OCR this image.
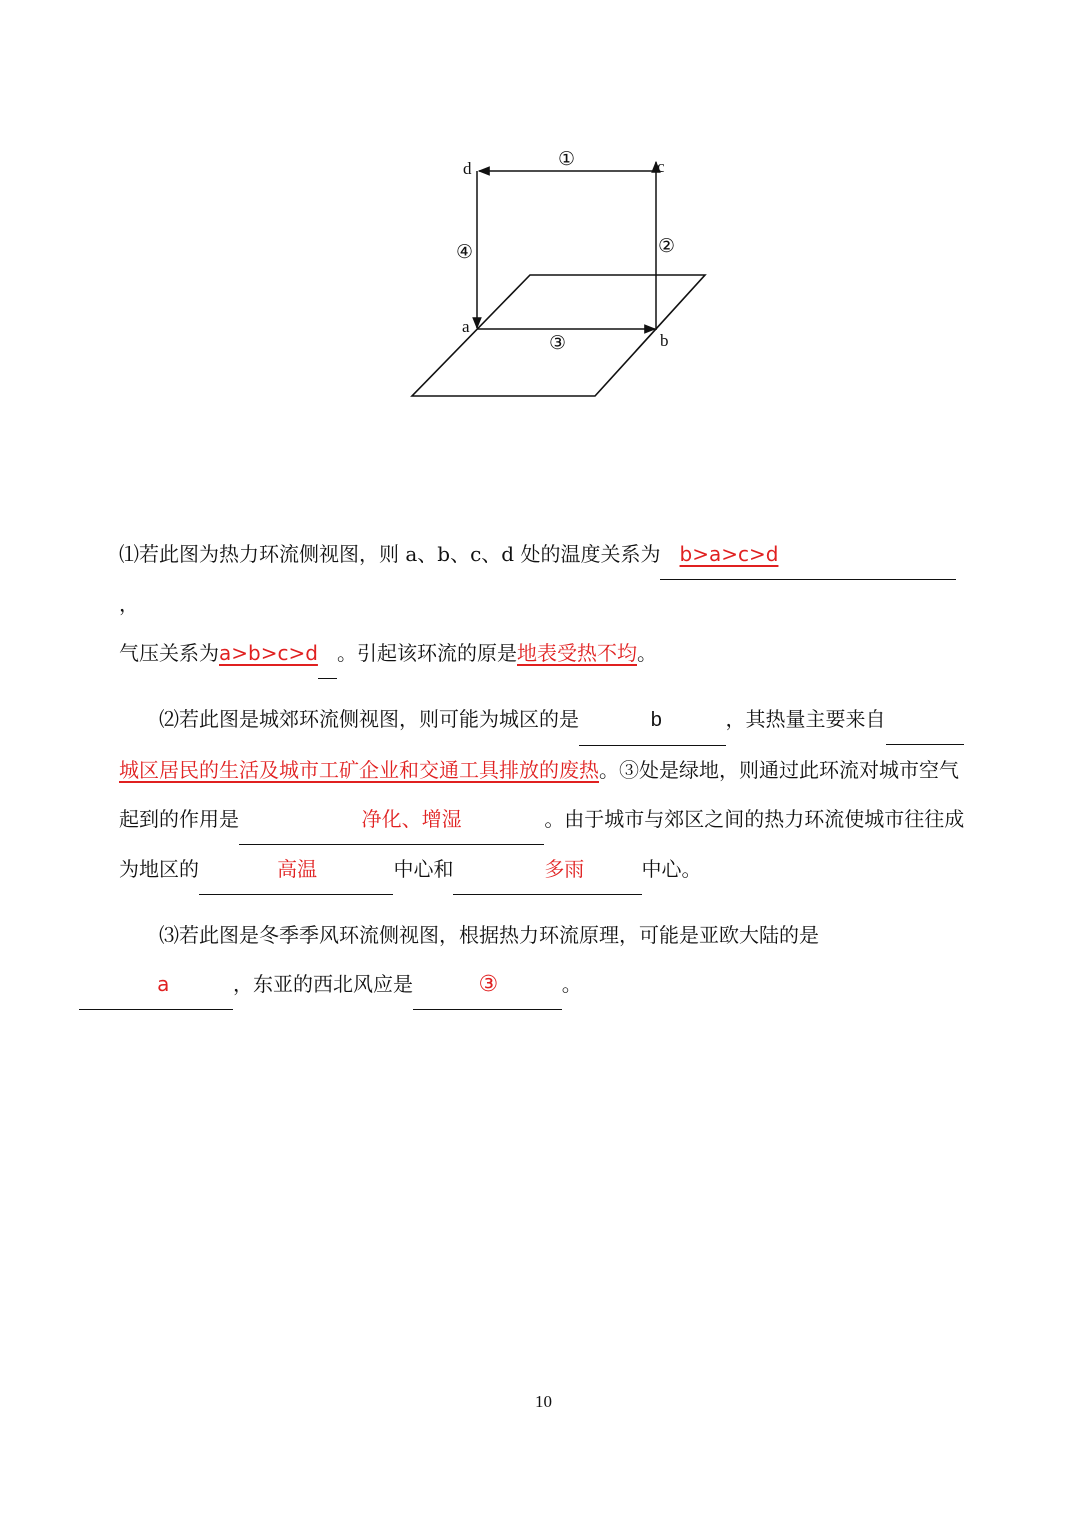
d	c
a
b
①
②
④
③

⑴若此图为热力环流侧视图，则 a、b、c、d 处的温度关系为 b>a>c>d                            ，
气压关系为a>b>c>d 。引起该环流的原是地表受热不均。

⑵若此图是城郊环流侧视图，则可能为城区的是	b	，其热量主要来自      城区居民的生活及城市工矿企业和交通工具排放的废热。③处是绿地，则通过此环流对城市空气起到的作用是	净化、增湿	。由于城市与郊区之间的热力环流使城市往往成为地区的	高温	中心和	多雨	中心。

⑶若此图是冬季季风环流侧视图，根据热力环流原理，可能是亚欧大陆的是
a	，东亚的西北风应是	③	。

10
